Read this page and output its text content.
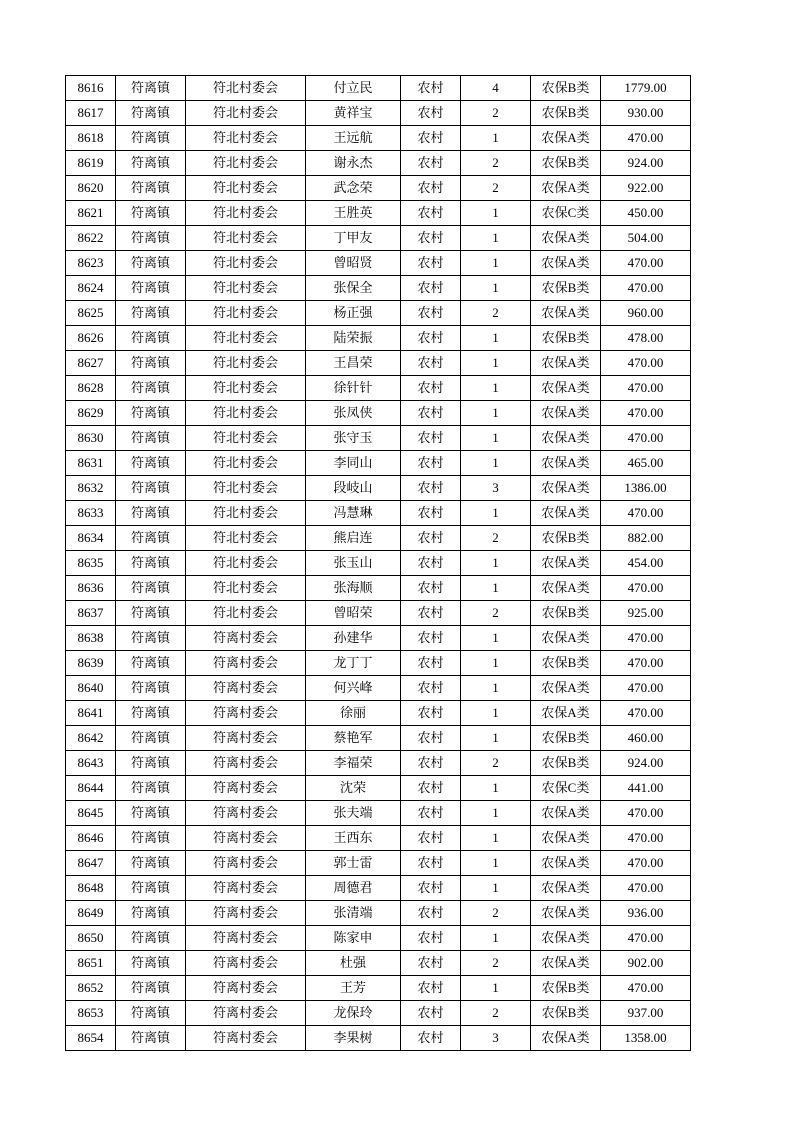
8616	符离镇	符北村委会	付立民	农村	4	农保B类	1779.00
8617	符离镇	符北村委会	黄祥宝	农村	2	农保B类	930.00
8618	符离镇	符北村委会	王远航	农村	1	农保A类	470.00
8619	符离镇	符北村委会	谢永杰	农村	2	农保B类	924.00
8620	符离镇	符北村委会	武念荣	农村	2	农保A类	922.00
8621	符离镇	符北村委会	王胜英	农村	1	农保C类	450.00
8622	符离镇	符北村委会	丁甲友	农村	1	农保A类	504.00
8623	符离镇	符北村委会	曾昭贤	农村	1	农保A类	470.00
8624	符离镇	符北村委会	张保全	农村	1	农保B类	470.00
8625	符离镇	符北村委会	杨正强	农村	2	农保A类	960.00
8626	符离镇	符北村委会	陆荣振	农村	1	农保B类	478.00
8627	符离镇	符北村委会	王昌荣	农村	1	农保A类	470.00
8628	符离镇	符北村委会	徐针针	农村	1	农保A类	470.00
8629	符离镇	符北村委会	张凤侠	农村	1	农保A类	470.00
8630	符离镇	符北村委会	张守玉	农村	1	农保A类	470.00
8631	符离镇	符北村委会	李同山	农村	1	农保A类	465.00
8632	符离镇	符北村委会	段岐山	农村	3	农保A类	1386.00
8633	符离镇	符北村委会	冯慧琳	农村	1	农保A类	470.00
8634	符离镇	符北村委会	熊启连	农村	2	农保B类	882.00
8635	符离镇	符北村委会	张玉山	农村	1	农保A类	454.00
8636	符离镇	符北村委会	张海顺	农村	1	农保A类	470.00
8637	符离镇	符北村委会	曾昭荣	农村	2	农保B类	925.00
8638	符离镇	符离村委会	孙建华	农村	1	农保A类	470.00
8639	符离镇	符离村委会	龙丁丁	农村	1	农保B类	470.00
8640	符离镇	符离村委会	何兴峰	农村	1	农保A类	470.00
8641	符离镇	符离村委会	徐丽	农村	1	农保A类	470.00
8642	符离镇	符离村委会	蔡艳军	农村	1	农保B类	460.00
8643	符离镇	符离村委会	李福荣	农村	2	农保B类	924.00
8644	符离镇	符离村委会	沈荣	农村	1	农保C类	441.00
8645	符离镇	符离村委会	张夫端	农村	1	农保A类	470.00
8646	符离镇	符离村委会	王西东	农村	1	农保A类	470.00
8647	符离镇	符离村委会	郭士雷	农村	1	农保A类	470.00
8648	符离镇	符离村委会	周德君	农村	1	农保A类	470.00
8649	符离镇	符离村委会	张清端	农村	2	农保A类	936.00
8650	符离镇	符离村委会	陈家申	农村	1	农保A类	470.00
8651	符离镇	符离村委会	杜强	农村	2	农保A类	902.00
8652	符离镇	符离村委会	王芳	农村	1	农保B类	470.00
8653	符离镇	符离村委会	龙保玲	农村	2	农保B类	937.00
8654	符离镇	符离村委会	李果树	农村	3	农保A类	1358.00
